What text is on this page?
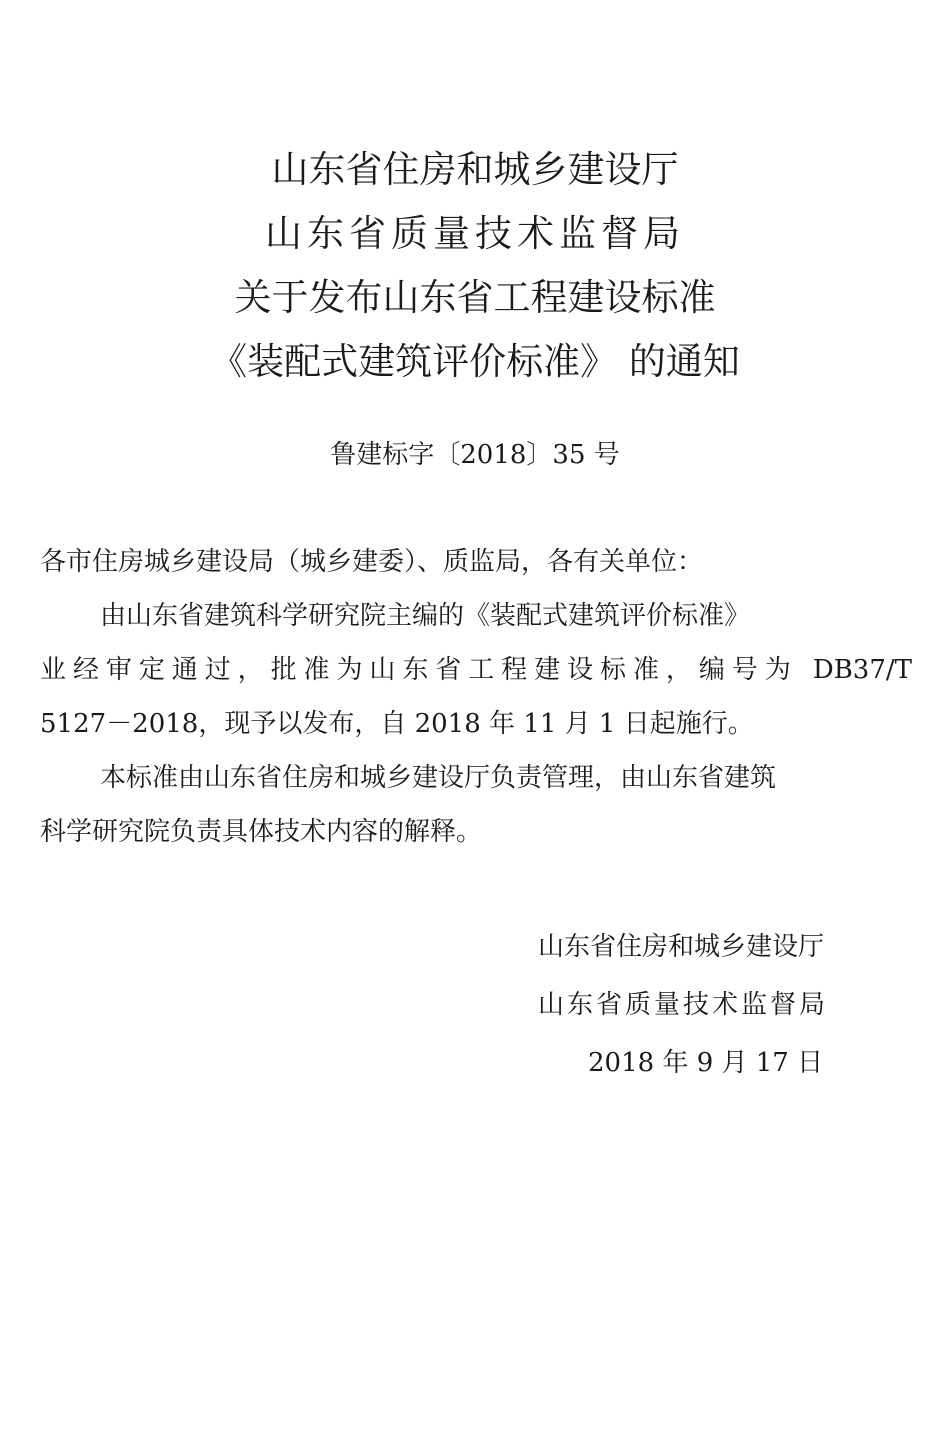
山东省住房和城乡建设厅
山东省质量技术监督局
关于发布山东省工程建设标准
《装配式建筑评价标准》 的通知
鲁建标字〔2018〕35 号
各市住房城乡建设局（城乡建委）、质监局，各有关单位：
由山东省建筑科学研究院主编的《装配式建筑评价标准》
业经审定通过，批准为山东省工程建设标准，编号为 DB37/T
5127－2018，现予以发布，自 2018 年 11 月 1 日起施行。
本标准由山东省住房和城乡建设厅负责管理，由山东省建筑
科学研究院负责具体技术内容的解释。
山东省住房和城乡建设厅
山东省质量技术监督局
2018 年 9 月 17 日
